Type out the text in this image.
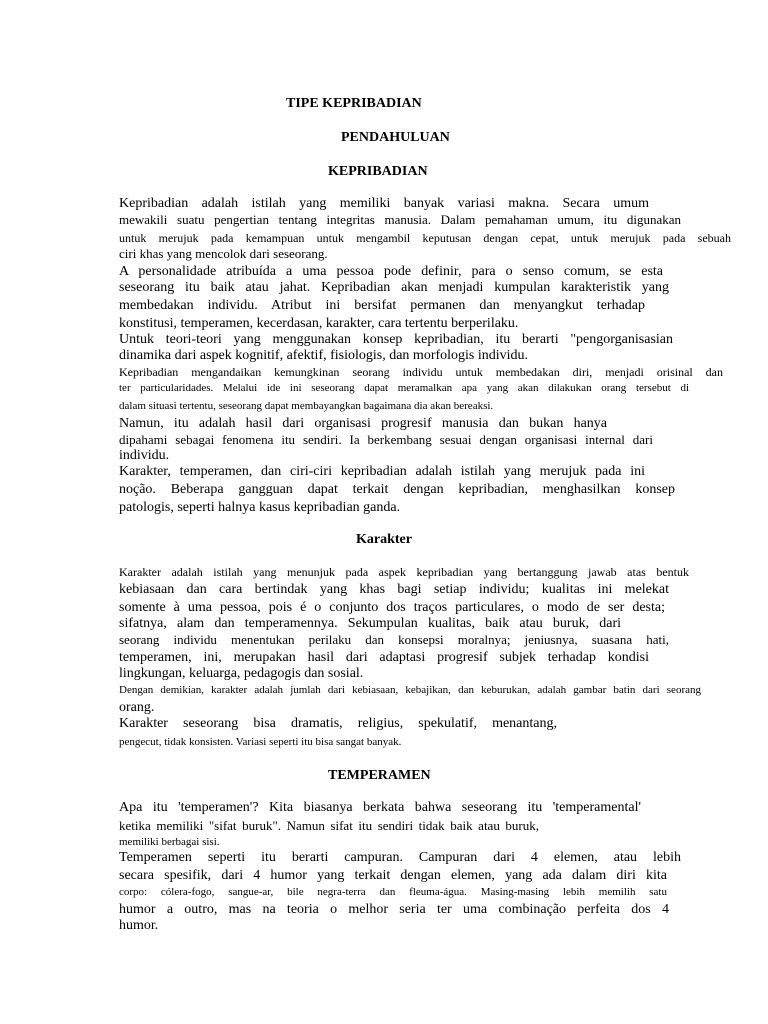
TIPE KEPRIBADIAN
PENDAHULUAN
KEPRIBADIAN
Kepribadian adalah istilah yang memiliki banyak variasi makna. Secara umum
mewakili suatu pengertian tentang integritas manusia. Dalam pemahaman umum, itu digunakan
untuk merujuk pada kemampuan untuk mengambil keputusan dengan cepat, untuk merujuk pada sebuah
ciri khas yang mencolok dari seseorang.
A personalidade atribuída a uma pessoa pode definir, para o senso comum, se esta
seseorang itu baik atau jahat. Kepribadian akan menjadi kumpulan karakteristik yang
membedakan individu. Atribut ini bersifat permanen dan menyangkut terhadap
konstitusi, temperamen, kecerdasan, karakter, cara tertentu berperilaku.
Untuk teori-teori yang menggunakan konsep kepribadian, itu berarti "pengorganisasian
dinamika dari aspek kognitif, afektif, fisiologis, dan morfologis individu.
Kepribadian mengandaikan kemungkinan seorang individu untuk membedakan diri, menjadi orisinal dan
ter particularidades. Melalui ide ini seseorang dapat meramalkan apa yang akan dilakukan orang tersebut di
dalam situasi tertentu, seseorang dapat membayangkan bagaimana dia akan bereaksi.
Namun, itu adalah hasil dari organisasi progresif manusia dan bukan hanya
dipahami sebagai fenomena itu sendiri. Ia berkembang sesuai dengan organisasi internal dari
individu.
Karakter, temperamen, dan ciri-ciri kepribadian adalah istilah yang merujuk pada ini
noção. Beberapa gangguan dapat terkait dengan kepribadian, menghasilkan konsep
patologis, seperti halnya kasus kepribadian ganda.
Karakter
Karakter adalah istilah yang menunjuk pada aspek kepribadian yang bertanggung jawab atas bentuk
kebiasaan dan cara bertindak yang khas bagi setiap individu; kualitas ini melekat
somente à uma pessoa, pois é o conjunto dos traços particulares, o modo de ser desta;
sifatnya, alam dan temperamennya. Sekumpulan kualitas, baik atau buruk, dari
seorang individu menentukan perilaku dan konsepsi moralnya; jeniusnya, suasana hati,
temperamen, ini, merupakan hasil dari adaptasi progresif subjek terhadap kondisi
lingkungan, keluarga, pedagogis dan sosial.
Dengan demikian, karakter adalah jumlah dari kebiasaan, kebajikan, dan keburukan, adalah gambar batin dari seorang
orang.
Karakter seseorang bisa dramatis, religius, spekulatif, menantang,
pengecut, tidak konsisten. Variasi seperti itu bisa sangat banyak.
TEMPERAMEN
Apa itu 'temperamen'? Kita biasanya berkata bahwa seseorang itu 'temperamental'
ketika memiliki "sifat buruk". Namun sifat itu sendiri tidak baik atau buruk,
memiliki berbagai sisi.
Temperamen seperti itu berarti campuran. Campuran dari 4 elemen, atau lebih
secara spesifik, dari 4 humor yang terkait dengan elemen, yang ada dalam diri kita
corpo: cólera-fogo, sangue-ar, bile negra-terra dan fleuma-água. Masing-masing lebih memilih satu
humor a outro, mas na teoria o melhor seria ter uma combinação perfeita dos 4
humor.
